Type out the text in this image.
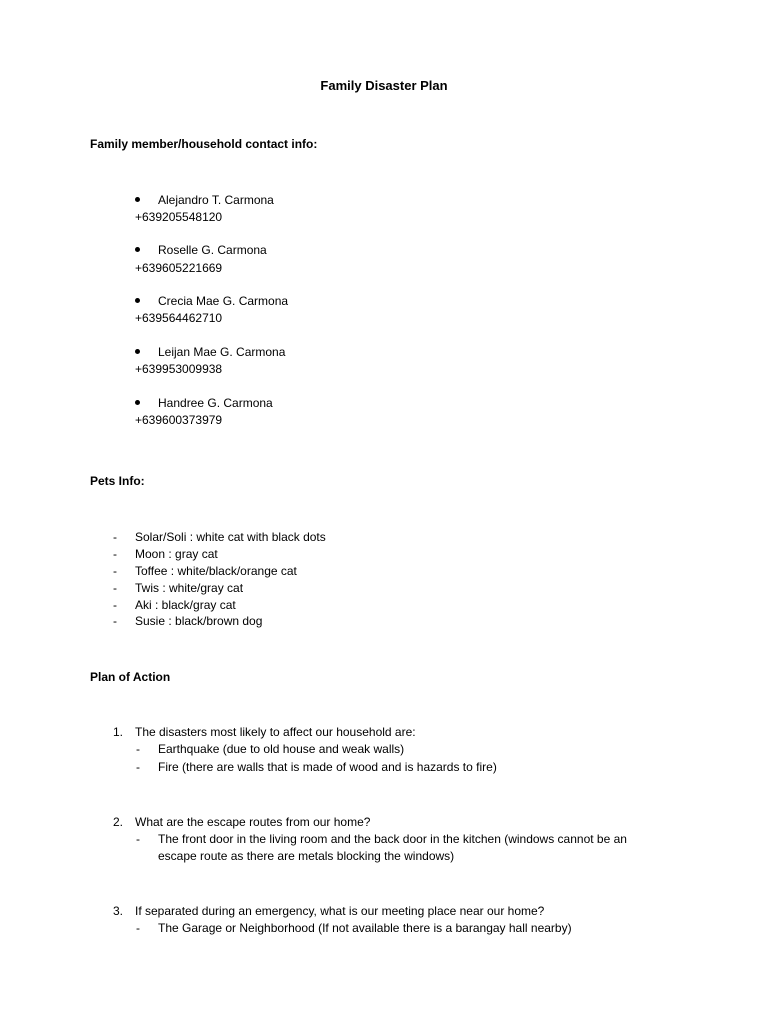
Family Disaster Plan
Family member/household contact info:
Alejandro T. Carmona
+639205548120
Roselle G. Carmona
+639605221669
Crecia Mae G. Carmona
+639564462710
Leijan Mae G. Carmona
+639953009938
Handree G. Carmona
+639600373979
Pets Info:
- Solar/Soli : white cat with black dots
- Moon : gray cat
- Toffee : white/black/orange cat
- Twis : white/gray cat
- Aki : black/gray cat
- Susie : black/brown dog
Plan of Action
1. The disasters most likely to affect our household are:
- Earthquake (due to old house and weak walls)
- Fire (there are walls that is made of wood and is hazards to fire)
2. What are the escape routes from our home?
- The front door in the living room and the back door in the kitchen (windows cannot be an
escape route as there are metals blocking the windows)
3. If separated during an emergency, what is our meeting place near our home?
- The Garage or Neighborhood (If not available there is a barangay hall nearby)
